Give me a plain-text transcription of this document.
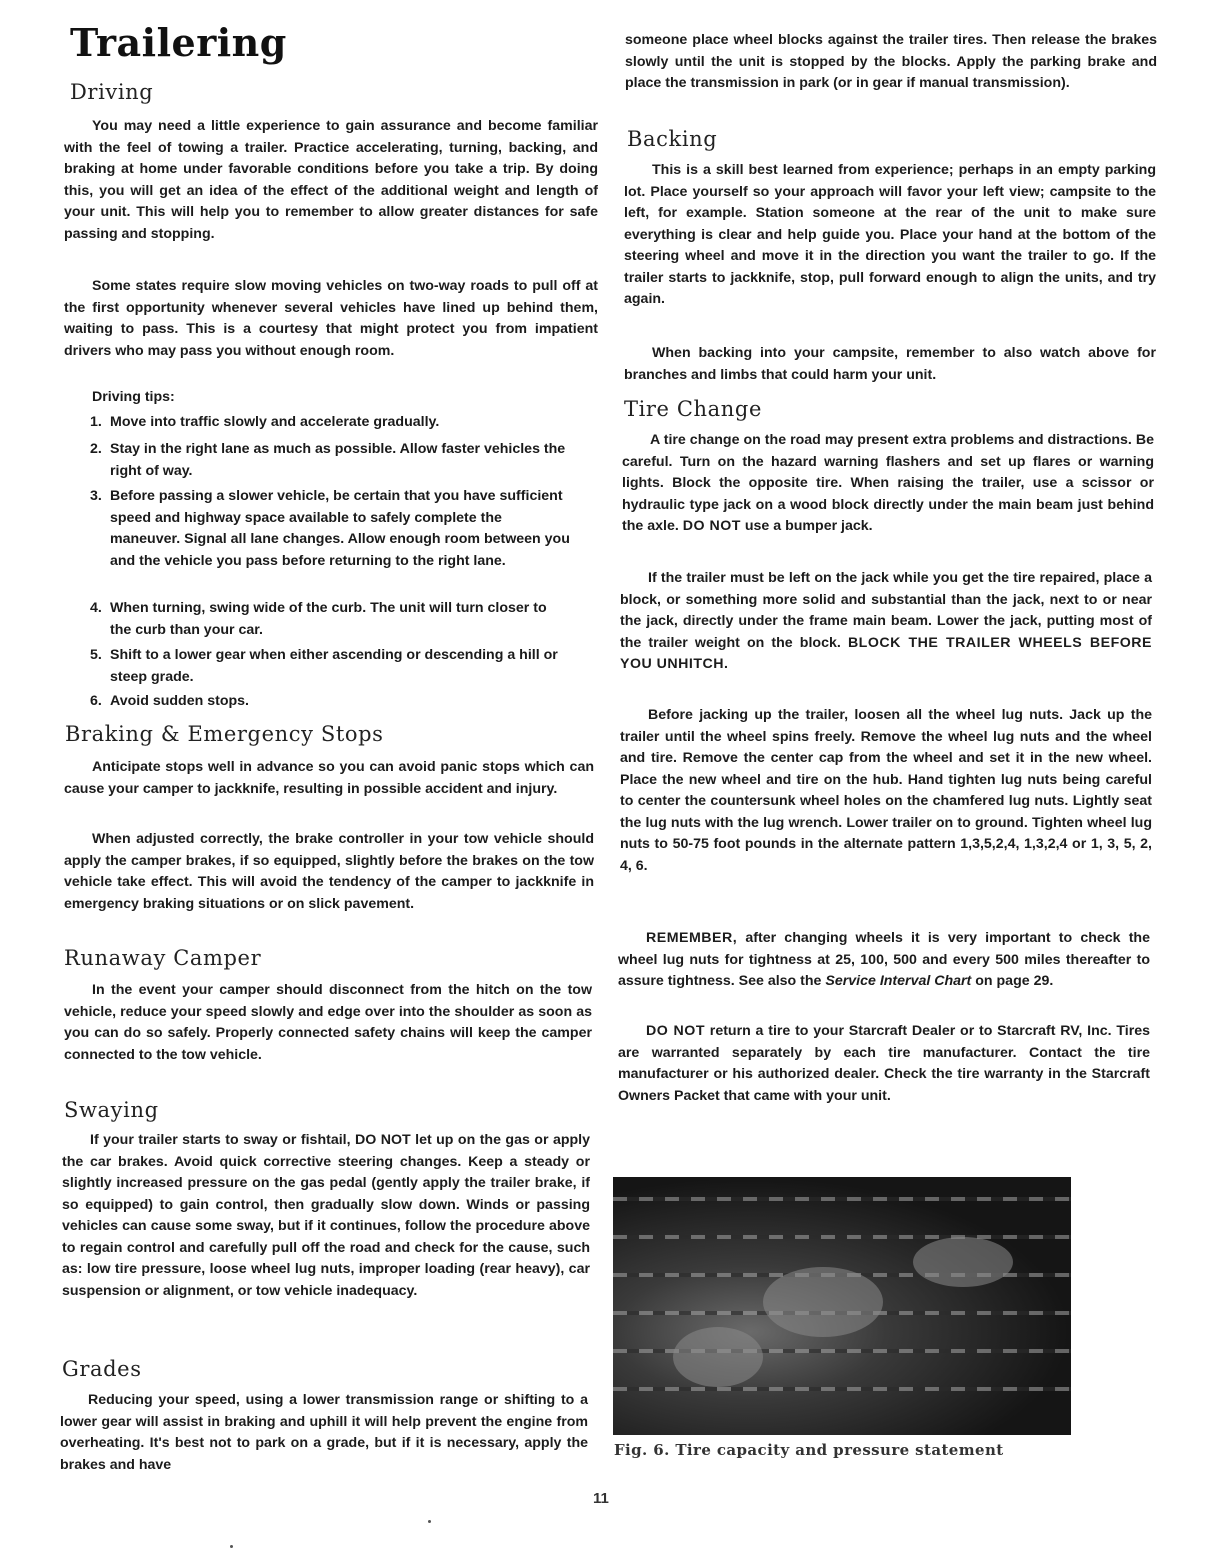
Trailering
Driving

You may need a little experience to gain assurance and become familiar with the feel of towing a trailer. Practice accelerating, turning, backing, and braking at home under favorable conditions before you take a trip. By doing this, you will get an idea of the effect of the additional weight and length of your unit. This will help you to remember to allow greater distances for safe passing and stopping.

Some states require slow moving vehicles on two-way roads to pull off at the first opportunity whenever several vehicles have lined up behind them, waiting to pass. This is a courtesy that might protect you from impatient drivers who may pass you without enough room.

Driving tips:
1. Move into traffic slowly and accelerate gradually.
2. Stay in the right lane as much as possible. Allow faster vehicles the right of way.
3. Before passing a slower vehicle, be certain that you have sufficient speed and highway space available to safely complete the maneuver. Signal all lane changes. Allow enough room between you and the vehicle you pass before returning to the right lane.
4. When turning, swing wide of the curb. The unit will turn closer to the curb than your car.
5. Shift to a lower gear when either ascending or descending a hill or steep grade.
6. Avoid sudden stops.
Braking & Emergency Stops

Anticipate stops well in advance so you can avoid panic stops which can cause your camper to jackknife, resulting in possible accident and injury.

When adjusted correctly, the brake controller in your tow vehicle should apply the camper brakes, if so equipped, slightly before the brakes on the tow vehicle take effect. This will avoid the tendency of the camper to jackknife in emergency braking situations or on slick pavement.

Runaway Camper

In the event your camper should disconnect from the hitch on the tow vehicle, reduce your speed slowly and edge over into the shoulder as soon as you can do so safely. Properly connected safety chains will keep the camper connected to the tow vehicle.

Swaying

If your trailer starts to sway or fishtail, DO NOT let up on the gas or apply the car brakes. Avoid quick corrective steering changes. Keep a steady or slightly increased pressure on the gas pedal (gently apply the trailer brake, if so equipped) to gain control, then gradually slow down. Winds or passing vehicles can cause some sway, but if it continues, follow the procedure above to regain control and carefully pull off the road and check for the cause, such as: low tire pressure, loose wheel lug nuts, improper loading (rear heavy), car suspension or alignment, or tow vehicle inadequacy.

Grades

Reducing your speed, using a lower transmission range or shifting to a lower gear will assist in braking and uphill it will help prevent the engine from overheating. It's best not to park on a grade, but if it is necessary, apply the brakes and have

someone place wheel blocks against the trailer tires. Then release the brakes slowly until the unit is stopped by the blocks. Apply the parking brake and place the transmission in park (or in gear if manual transmission).

Backing

This is a skill best learned from experience; perhaps in an empty parking lot. Place yourself so your approach will favor your left view; campsite to the left, for example. Station someone at the rear of the unit to make sure everything is clear and help guide you. Place your hand at the bottom of the steering wheel and move it in the direction you want the trailer to go. If the trailer starts to jackknife, stop, pull forward enough to align the units, and try again.

When backing into your campsite, remember to also watch above for branches and limbs that could harm your unit.

Tire Change

A tire change on the road may present extra problems and distractions. Be careful. Turn on the hazard warning flashers and set up flares or warning lights. Block the opposite tire. When raising the trailer, use a scissor or hydraulic type jack on a wood block directly under the main beam just behind the axle. DO NOT use a bumper jack.

If the trailer must be left on the jack while you get the tire repaired, place a block, or something more solid and substantial than the jack, next to or near the jack, directly under the frame main beam. Lower the jack, putting most of the trailer weight on the block. BLOCK THE TRAILER WHEELS BEFORE YOU UNHITCH.

Before jacking up the trailer, loosen all the wheel lug nuts. Jack up the trailer until the wheel spins freely. Remove the wheel lug nuts and the wheel and tire. Remove the center cap from the wheel and set it in the new wheel. Place the new wheel and tire on the hub. Hand tighten lug nuts being careful to center the countersunk wheel holes on the chamfered lug nuts. Lightly seat the lug nuts with the lug wrench. Lower trailer on to ground. Tighten wheel lug nuts to 50-75 foot pounds in the alternate pattern 1,3,5,2,4, 1,3,2,4 or 1, 3, 5, 2, 4, 6.

REMEMBER, after changing wheels it is very important to check the wheel lug nuts for tightness at 25, 100, 500 and every 500 miles thereafter to assure tightness. See also the Service Interval Chart on page 29.

DO NOT return a tire to your Starcraft Dealer or to Starcraft RV, Inc. Tires are warranted separately by each tire manufacturer. Contact the tire manufacturer or his authorized dealer. Check the tire warranty in the Starcraft Owners Packet that came with your unit.

Fig. 6. Tire capacity and pressure statement

11
